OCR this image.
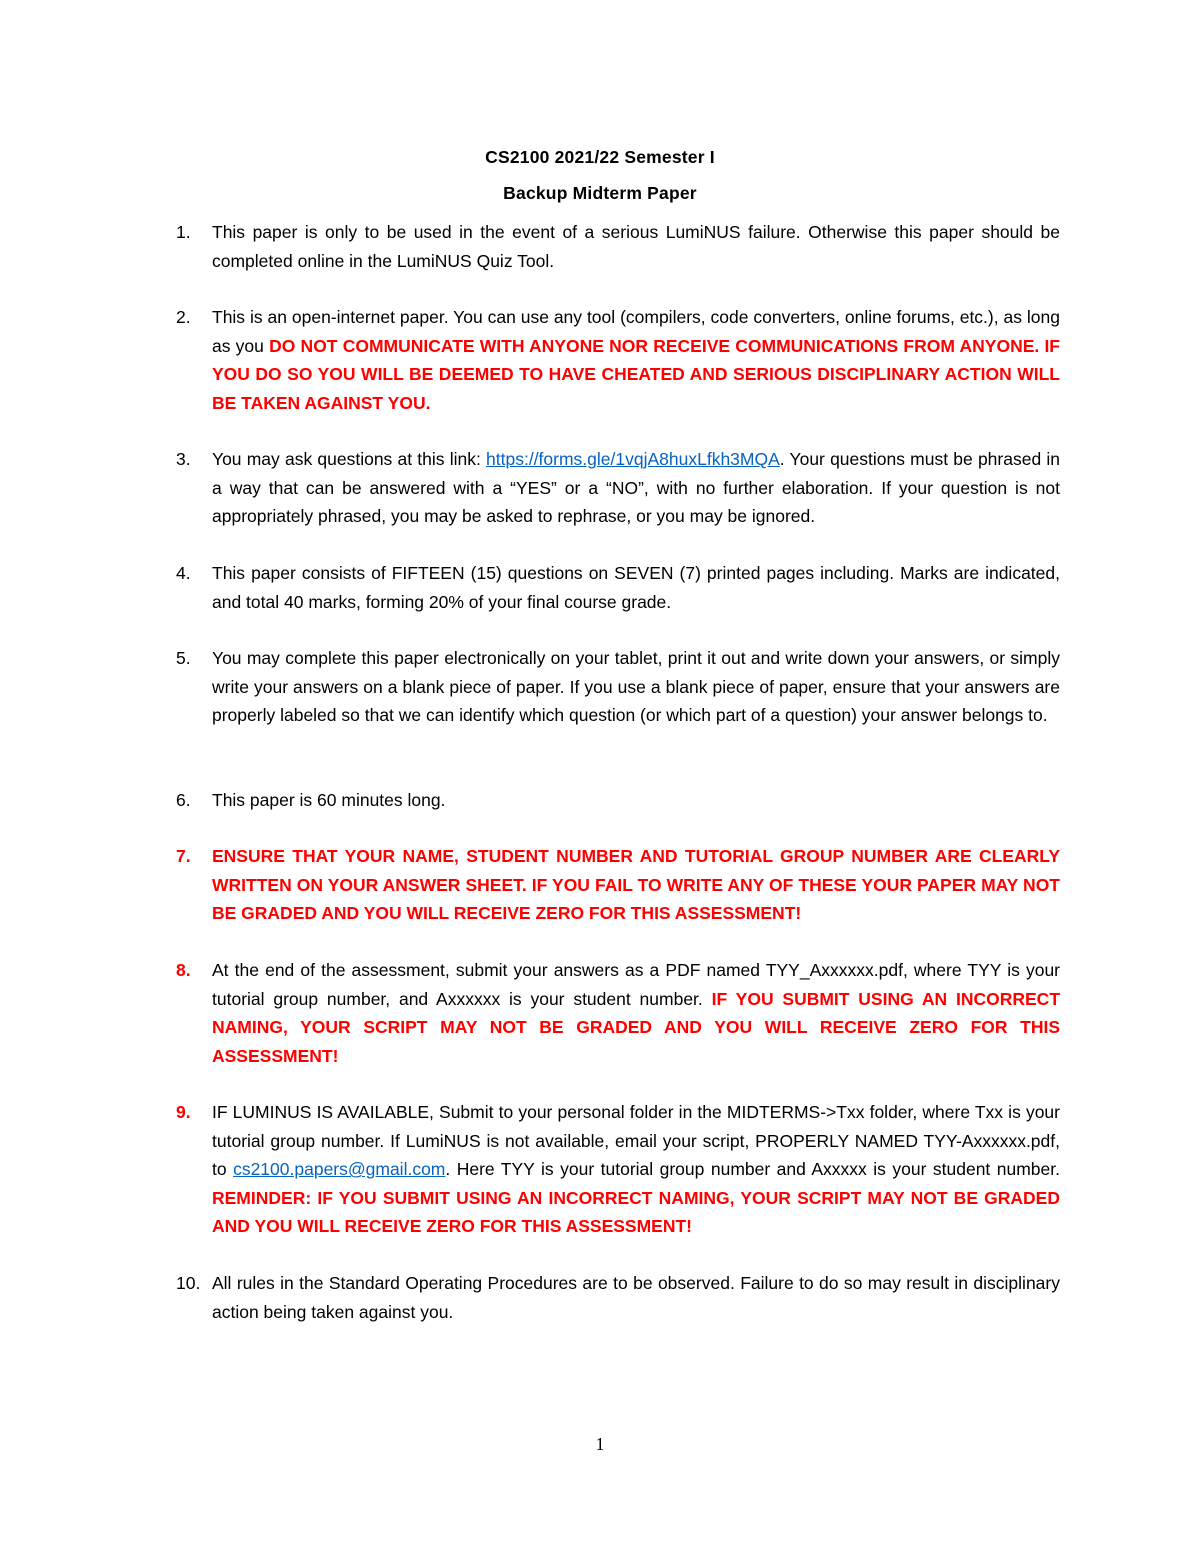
CS2100 2021/22 Semester I
Backup Midterm Paper
1.	This paper is only to be used in the event of a serious LumiNUS failure. Otherwise this paper should be completed online in the LumiNUS Quiz Tool.
2.	This is an open-internet paper. You can use any tool (compilers, code converters, online forums, etc.), as long as you DO NOT COMMUNICATE WITH ANYONE NOR RECEIVE COMMUNICATIONS FROM ANYONE. IF YOU DO SO YOU WILL BE DEEMED TO HAVE CHEATED AND SERIOUS DISCIPLINARY ACTION WILL BE TAKEN AGAINST YOU.
3.	You may ask questions at this link: https://forms.gle/1vqjA8huxLfkh3MQA. Your questions must be phrased in a way that can be answered with a “YES” or a “NO”, with no further elaboration. If your question is not appropriately phrased, you may be asked to rephrase, or you may be ignored.
4.	This paper consists of FIFTEEN (15) questions on SEVEN (7) printed pages including. Marks are indicated, and total 40 marks, forming 20% of your final course grade.
5.	You may complete this paper electronically on your tablet, print it out and write down your answers, or simply write your answers on a blank piece of paper. If you use a blank piece of paper, ensure that your answers are properly labeled so that we can identify which question (or which part of a question) your answer belongs to.
6.	This paper is 60 minutes long.
7.	ENSURE THAT YOUR NAME, STUDENT NUMBER AND TUTORIAL GROUP NUMBER ARE CLEARLY WRITTEN ON YOUR ANSWER SHEET. IF YOU FAIL TO WRITE ANY OF THESE YOUR PAPER MAY NOT BE GRADED AND YOU WILL RECEIVE ZERO FOR THIS ASSESSMENT!
8.	At the end of the assessment, submit your answers as a PDF named TYY_Axxxxxx.pdf, where TYY is your tutorial group number, and Axxxxxx is your student number. IF YOU SUBMIT USING AN INCORRECT NAMING, YOUR SCRIPT MAY NOT BE GRADED AND YOU WILL RECEIVE ZERO FOR THIS ASSESSMENT!
9.	IF LUMINUS IS AVAILABLE, Submit to your personal folder in the MIDTERMS->Txx folder, where Txx is your tutorial group number. If LumiNUS is not available, email your script, PROPERLY NAMED TYY-Axxxxxx.pdf, to cs2100.papers@gmail.com. Here TYY is your tutorial group number and Axxxxx is your student number. REMINDER: IF YOU SUBMIT USING AN INCORRECT NAMING, YOUR SCRIPT MAY NOT BE GRADED AND YOU WILL RECEIVE ZERO FOR THIS ASSESSMENT!
10. All rules in the Standard Operating Procedures are to be observed. Failure to do so may result in disciplinary action being taken against you.
1
